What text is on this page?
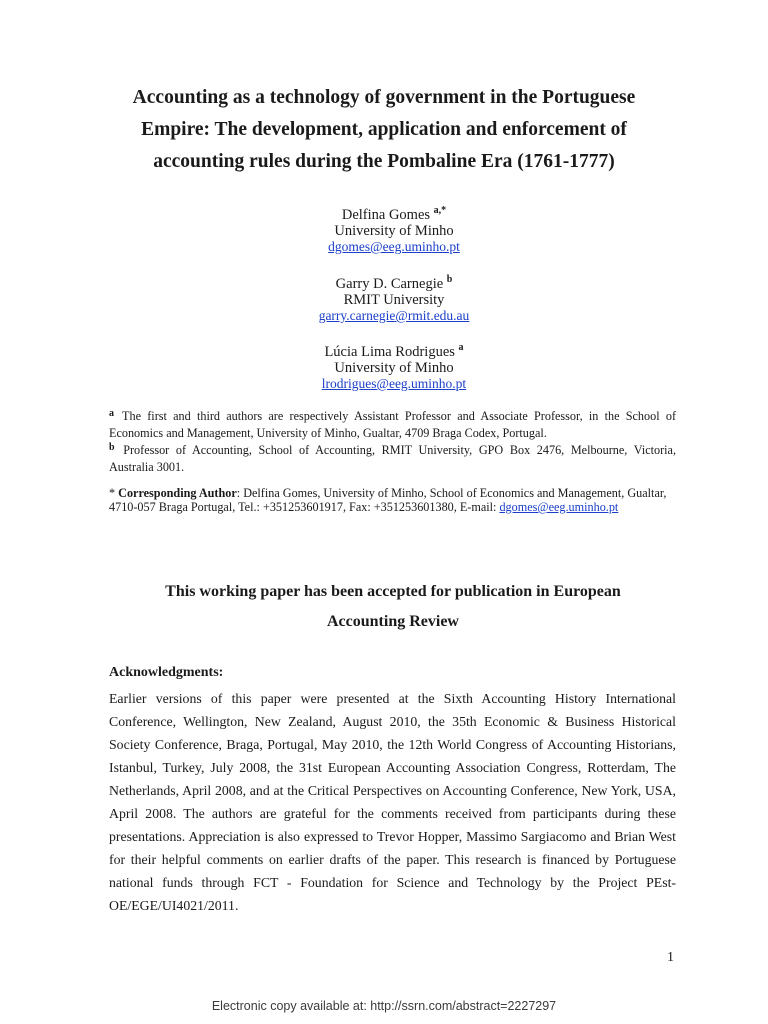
Accounting as a technology of government in the Portuguese
Empire: The development, application and enforcement of
accounting rules during the Pombaline Era (1761-1777)
Delfina Gomes $^{a,*}$
University of Minho
dgomes@eeg.uminho.pt
Garry D. Carnegie $^b$
RMIT University
garry.carnegie@rmit.edu.au
Lúcia Lima Rodrigues $^a$
University of Minho
lrodrigues@eeg.uminho.pt
$^a$ The first and third authors are respectively Assistant Professor and Associate Professor, in the School of Economics and Management, University of Minho, Gualtar, 4709 Braga Codex, Portugal.
$^b$ Professor of Accounting, School of Accounting, RMIT University, GPO Box 2476, Melbourne, Victoria, Australia 3001.
* Corresponding Author: Delfina Gomes, University of Minho, School of Economics and Management, Gualtar, 4710-057 Braga Portugal, Tel.: +351253601917, Fax: +351253601380, E-mail: dgomes@eeg.uminho.pt
This working paper has been accepted for publication in European
Accounting Review
Acknowledgments:
Earlier versions of this paper were presented at the Sixth Accounting History International Conference, Wellington, New Zealand, August 2010, the 35th Economic & Business Historical Society Conference, Braga, Portugal, May 2010, the 12th World Congress of Accounting Historians, Istanbul, Turkey, July 2008, the 31st European Accounting Association Congress, Rotterdam, The Netherlands, April 2008, and at the Critical Perspectives on Accounting Conference, New York, USA, April 2008. The authors are grateful for the comments received from participants during these presentations. Appreciation is also expressed to Trevor Hopper, Massimo Sargiacomo and Brian West for their helpful comments on earlier drafts of the paper. This research is financed by Portuguese national funds through FCT - Foundation for Science and Technology by the Project PEst-OE/EGE/UI4021/2011.
1
Electronic copy available at: http://ssrn.com/abstract=2227297
